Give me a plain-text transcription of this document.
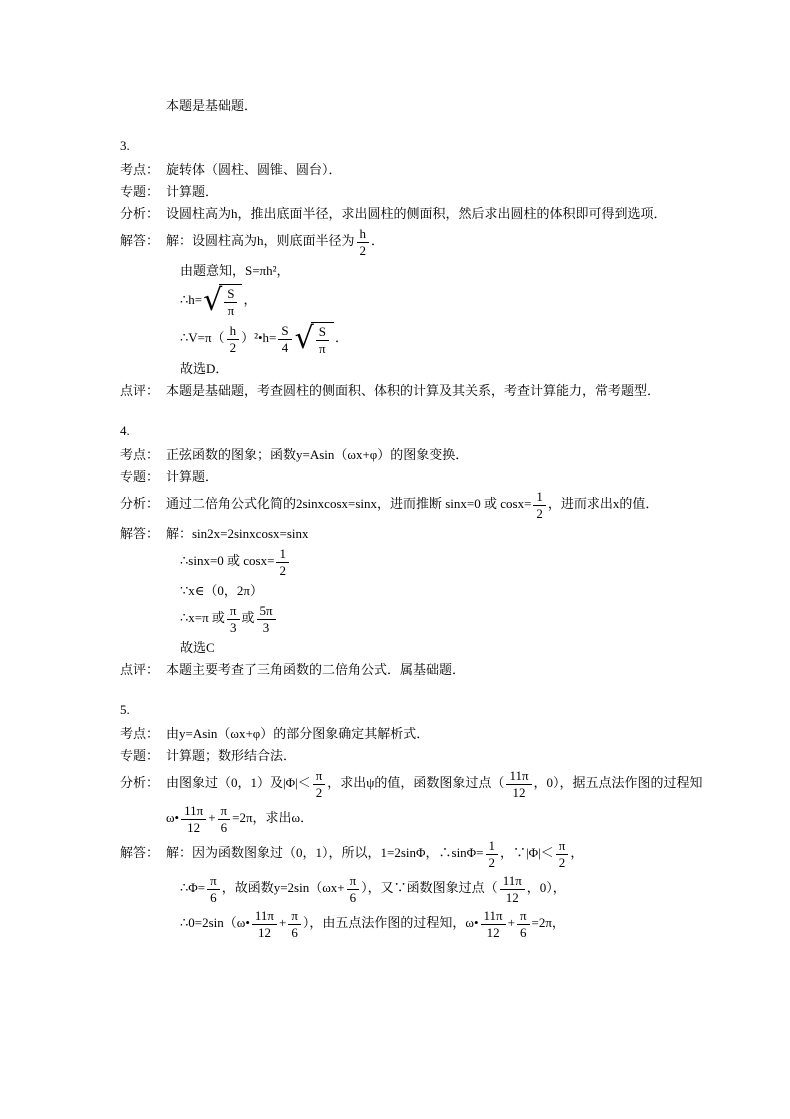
本题是基础题．
3.
考点： 旋转体（圆柱、圆锥、圆台）．
专题： 计算题．
分析： 设圆柱高为h，推出底面半径，求出圆柱的侧面积，然后求出圆柱的体积即可得到选项．
解答： 解：设圆柱高为h，则底面半径为 $\frac{h}{2}$ ．
由题意知，S=πh²，
∴h=√ $\frac{S}{\pi}$ ，
∴V=π（ $\frac{h}{2}$ ）²•h= $\frac{S}{4}$ √ $\frac{S}{\pi}$ ．
故选D．
点评： 本题是基础题，考查圆柱的侧面积、体积的计算及其关系，考查计算能力，常考题型．
4.
考点： 正弦函数的图象；函数y=Asin（ωx+φ）的图象变换．
专题： 计算题．
分析： 通过二倍角公式化简的2sinxcosx=sinx，进而推断 sinx=0 或 $\cos x= \frac{1}{2}$ ，进而求出x的值．
解答： 解：sin2x=2sinxcosx=sinx
∴sinx=0 或 $\cos x= \frac{1}{2}$
∵x∈（0，2π）
∴x=π 或 $\frac{\pi}{3}$ 或 $\frac{5\pi}{3}$
故选C
点评： 本题主要考查了三角函数的二倍角公式．属基础题．
5.
考点： 由y=Asin（ωx+φ）的部分图象确定其解析式．
专题： 计算题；数形结合法．
分析： 由图象过（0，1）及$|\Phi|< \frac{\pi}{2}$ ，求出ψ的值，函数图象过点（ $\frac{11\pi}{12}$ ，0），据五点法作图的过程知
ω• $\frac{11\pi}{12} + \frac{\pi}{6} =2\pi$，求出ω．
解答： 解：因为函数图象过（0，1），所以，1=2sinΦ，∴sinΦ= $\frac{1}{2}$ ，∵|Φ|＜ $\frac{\pi}{2}$ ，
∴Φ= $\frac{\pi}{6}$ ，故函数$y=2\sin(\omega x+ \frac{\pi}{6}$ ），又∵函数图象过点（ $\frac{11\pi}{12}$ ，0），
∴0=2sin（ω• $\frac{11\pi}{12} + \frac{\pi}{6}$ ），由五点法作图的过程知，ω• $\frac{11\pi}{12} + \frac{\pi}{6} =2\pi$，
